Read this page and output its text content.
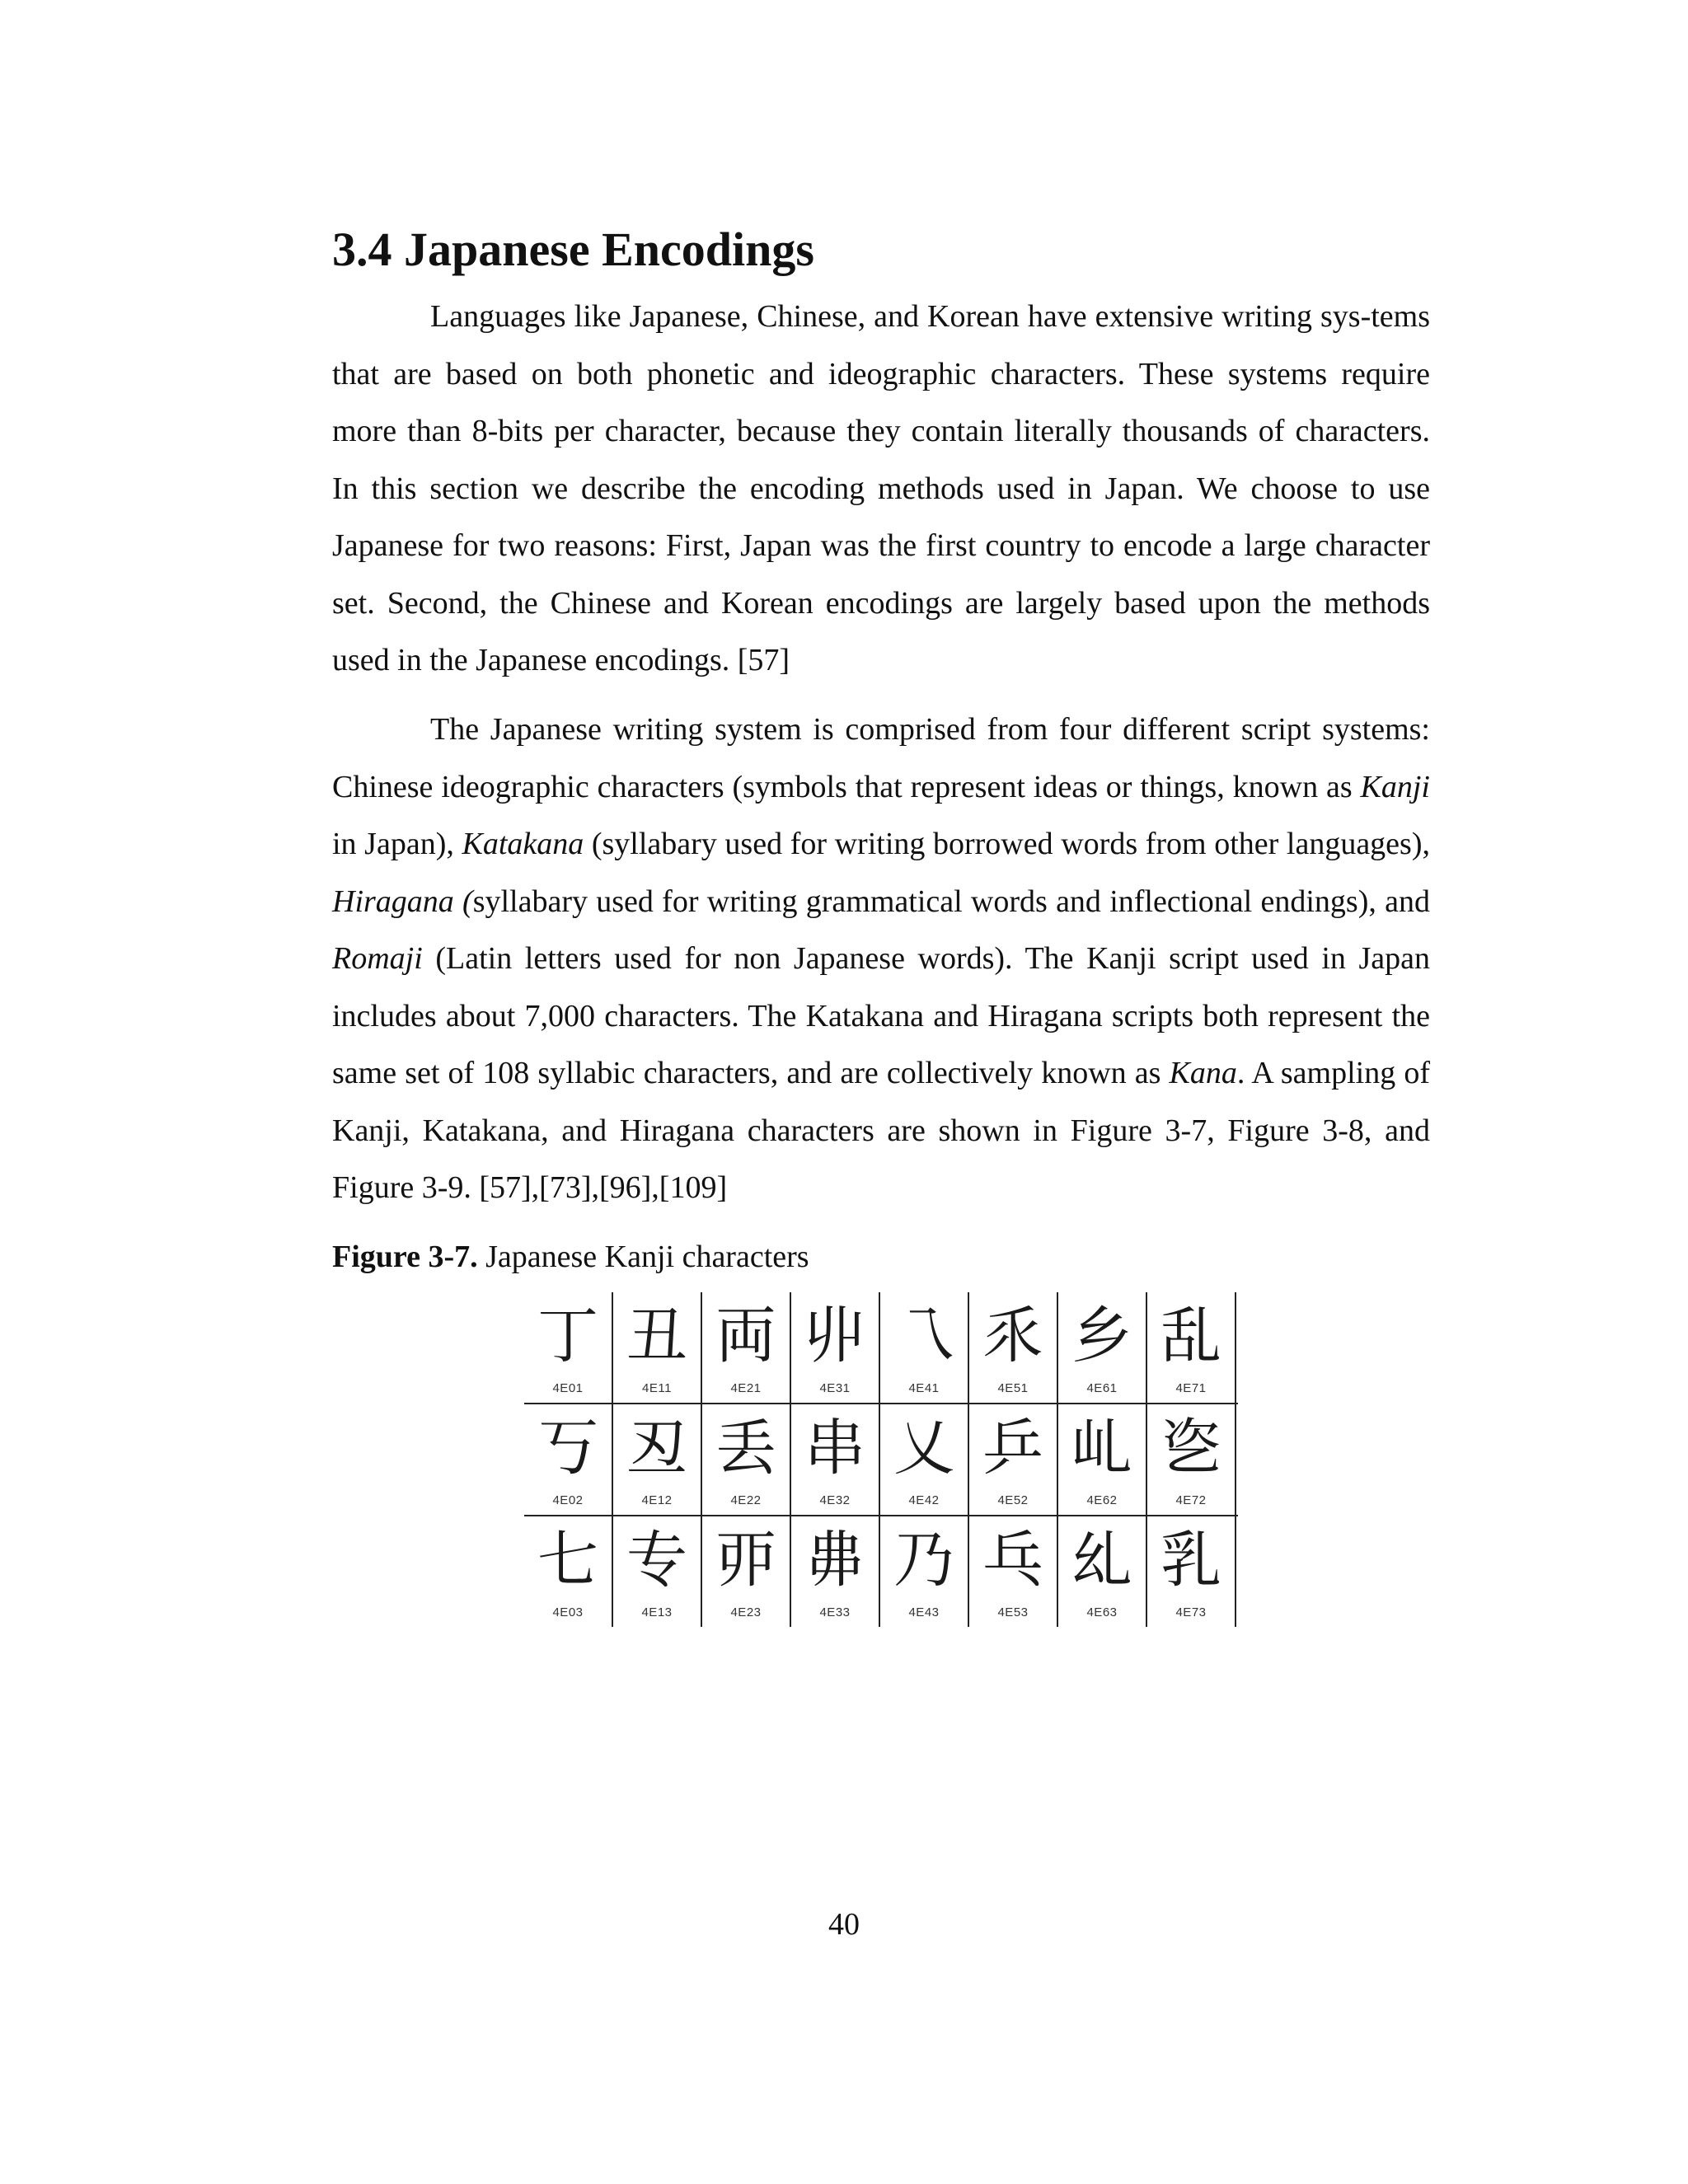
3.4 Japanese Encodings

Languages like Japanese, Chinese, and Korean have extensive writing sys-tems that are based on both phonetic and ideographic characters. These systems require more than 8-bits per character, because they contain literally thousands of characters. In this section we describe the encoding methods used in Japan. We choose to use Japanese for two reasons: First, Japan was the first country to encode a large character set. Second, the Chinese and Korean encodings are largely based upon the methods used in the Japanese encodings. [57]

The Japanese writing system is comprised from four different script systems: Chinese ideographic characters (symbols that represent ideas or things, known as Kanji in Japan), Katakana (syllabary used for writing borrowed words from other languages), Hiragana (syllabary used for writing grammatical words and inflectional endings), and Romaji (Latin letters used for non Japanese words). The Kanji script used in Japan includes about 7,000 characters. The Katakana and Hiragana scripts both represent the same set of 108 syllabic characters, and are collectively known as Kana. A sampling of Kanji, Katakana, and Hiragana characters are shown in Figure 3-7, Figure 3-8, and Figure 3-9. [57],[73],[96],[109]

Figure 3-7. Japanese Kanji characters

丁
4E01
丑
4E11
両
4E21
丱
4E31
乁
4E41
乑
4E51
乡
4E61
乱
4E71
丂
4E02
丒
4E12
丢
4E22
串
4E32
乂
4E42
乒
4E52
乢
4E62
乲
4E72
七
4E03
专
4E13
丣
4E23
丳
4E33
乃
4E43
乓
4E53
乣
4E63
乳
4E73

40
